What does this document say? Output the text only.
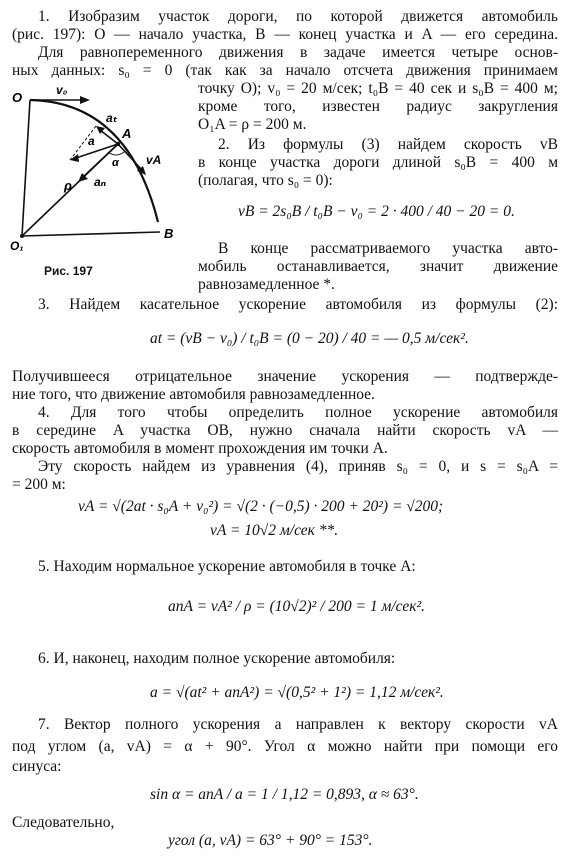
1. Изобразим участок дороги, по которой движется автомобиль
(рис. 197): O — начало участка, B — конец участка и A — его середина.
Для равнопеременного движения в задаче имеется четыре основ-
ных данных: s₀ = 0 (так как за начало отсчета движения принимаем
точку O); v₀ = 20 м/сек; t₀B = 40 сек и s₀B = 400 м;
кроме того, известен радиус закругления
O₁A = ρ = 200 м.
2. Из формулы (3) найдем скорость vB
в конце участка дороги длиной s₀B = 400 м
(полагая, что s₀ = 0):
vB = 2s₀B / t₀B − v₀ = 2 · 400 / 40 − 20 = 0.
В конце рассматриваемого участка авто-
мобиль останавливается, значит движение
равнозамедленное *.
O	v₀
aₜ
A
a
α vA
ρ aₙ
O₁
B
Рис. 197
3. Найдем касательное ускорение автомобиля из формулы (2):
at = (vB − v₀) / t₀B = (0 − 20) / 40 = — 0,5 м/сек².
Получившееся отрицательное значение ускорения — подтвержде-
ние того, что движение автомобиля равнозамедленное.
4. Для того чтобы определить полное ускорение автомобиля
в середине A участка OB, нужно сначала найти скорость vA —
скорость автомобиля в момент прохождения им точки A.
Эту скорость найдем из уравнения (4), приняв s₀ = 0, и s = s₀A =
= 200 м:
vA = √(2at · s₀A + v₀²) = √(2 · (−0,5) · 200 + 20²) = √200;
vA = 10√2 м/сек **.
5. Находим нормальное ускорение автомобиля в точке A:
anA = vA² / ρ = (10√2)² / 200 = 1 м/сек².
6. И, наконец, находим полное ускорение автомобиля:
a = √(at² + anA²) = √(0,5² + 1²) = 1,12 м/сек².
7. Вектор полного ускорения a направлен к вектору скорости vA
под углом (a, vA) = α + 90°. Угол α можно найти при помощи его
синуса:
sin α = anA / a = 1 / 1,12 = 0,893, α ≈ 63°.
Следовательно,
угол (a, vA) = 63° + 90° = 153°.
